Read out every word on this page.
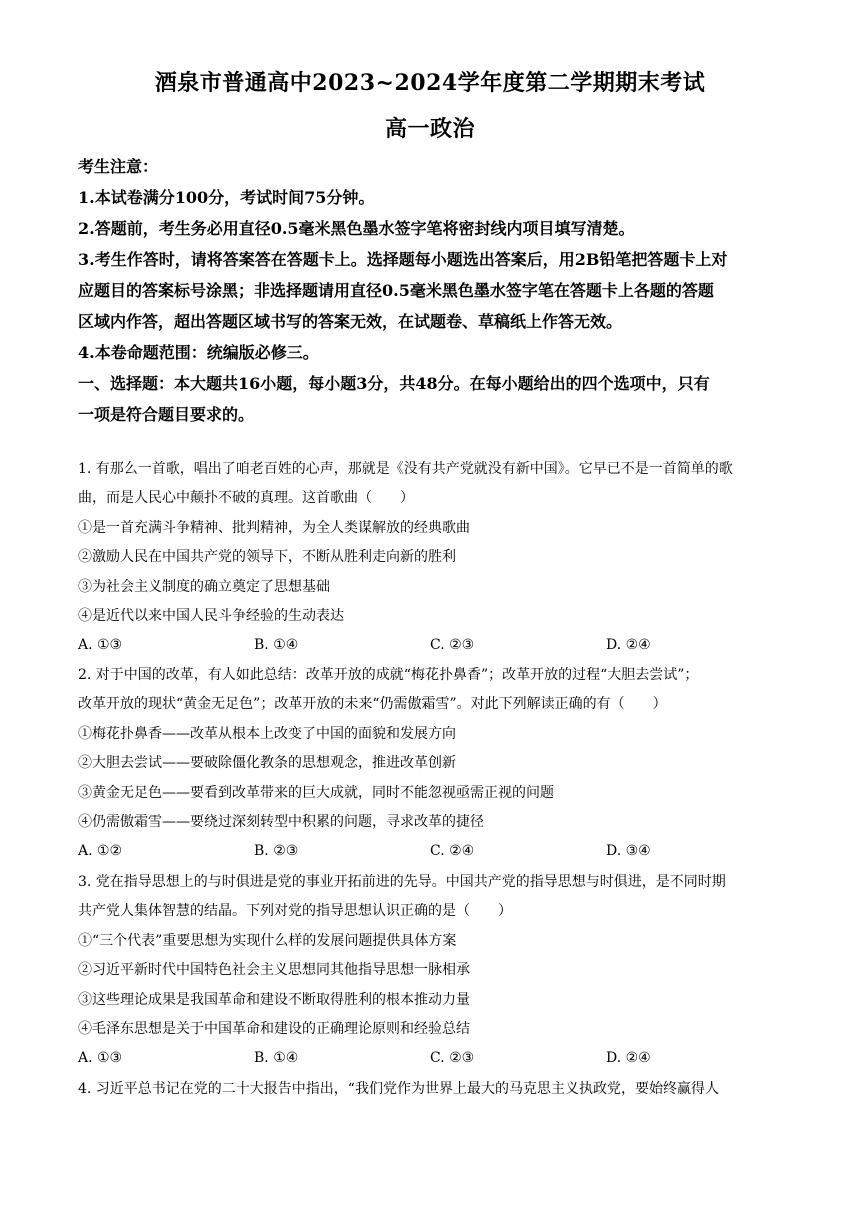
酒泉市普通高中2023~2024学年度第二学期期末考试
高一政治
考生注意：
1.本试卷满分100分，考试时间75分钟。
2.答题前，考生务必用直径0.5毫米黑色墨水签字笔将密封线内项目填写清楚。
3.考生作答时，请将答案答在答题卡上。选择题每小题选出答案后，用2B铅笔把答题卡上对
应题目的答案标号涂黑；非选择题请用直径0.5毫米黑色墨水签字笔在答题卡上各题的答题
区域内作答，超出答题区域书写的答案无效，在试题卷、草稿纸上作答无效。
4.本卷命题范围：统编版必修三。
一、选择题：本大题共16小题，每小题3分，共48分。在每小题给出的四个选项中，只有
一项是符合题目要求的。
1. 有那么一首歌，唱出了咱老百姓的心声，那就是《没有共产党就没有新中国》。它早已不是一首简单的歌
曲，而是人民心中颠扑不破的真理。这首歌曲（　　）
①是一首充满斗争精神、批判精神，为全人类谋解放的经典歌曲
②激励人民在中国共产党的领导下，不断从胜利走向新的胜利
③为社会主义制度的确立奠定了思想基础
④是近代以来中国人民斗争经验的生动表达
A. ①③	B. ①④	C. ②③	D. ②④
2. 对于中国的改革，有人如此总结：改革开放的成就“梅花扑鼻香”；改革开放的过程“大胆去尝试”；
改革开放的现状“黄金无足色”；改革开放的未来“仍需傲霜雪”。对此下列解读正确的有（　　）
①梅花扑鼻香——改革从根本上改变了中国的面貌和发展方向
②大胆去尝试——要破除僵化教条的思想观念，推进改革创新
③黄金无足色——要看到改革带来的巨大成就，同时不能忽视亟需正视的问题
④仍需傲霜雪——要绕过深刻转型中积累的问题，寻求改革的捷径
A. ①②	B. ②③	C. ②④	D. ③④
3. 党在指导思想上的与时俱进是党的事业开拓前进的先导。中国共产党的指导思想与时俱进，是不同时期
共产党人集体智慧的结晶。下列对党的指导思想认识正确的是（　　）
①“三个代表”重要思想为实现什么样的发展问题提供具体方案
②习近平新时代中国特色社会主义思想同其他指导思想一脉相承
③这些理论成果是我国革命和建设不断取得胜利的根本推动力量
④毛泽东思想是关于中国革命和建设的正确理论原则和经验总结
A. ①③	B. ①④	C. ②③	D. ②④
4. 习近平总书记在党的二十大报告中指出，“我们党作为世界上最大的马克思主义执政党，要始终赢得人
